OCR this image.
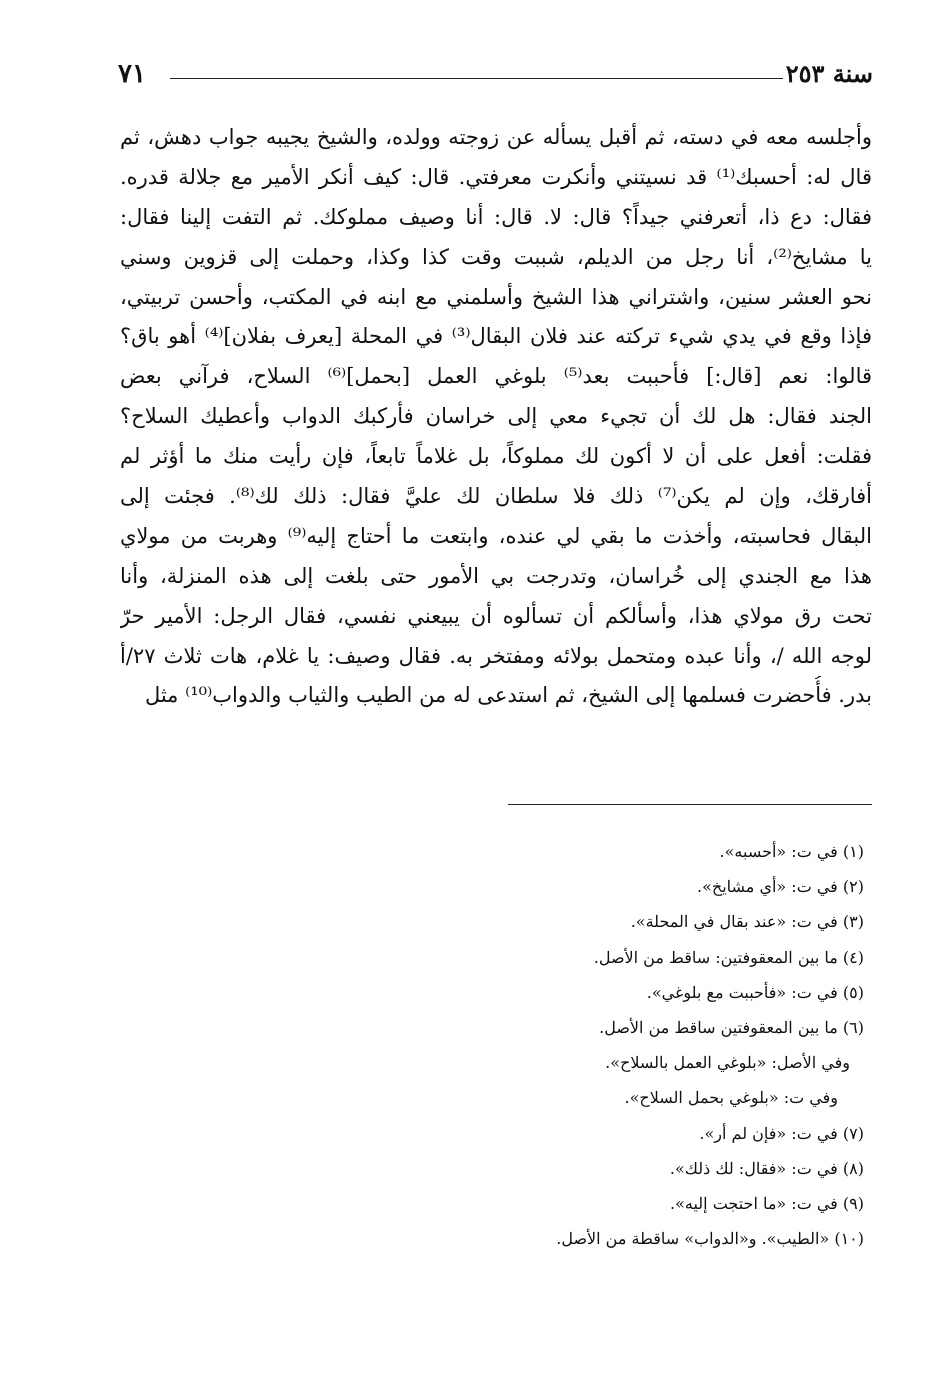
سنة ٢٥٣
٧١
وأجلسه معه في دسته، ثم أقبل يسأله عن زوجته وولده، والشيخ يجيبه جواب دهش، ثم
قال له: أحسبك⁽¹⁾ قد نسيتني وأنكرت معرفتي. قال: كيف أنكر الأمير مع جلالة قدره.
فقال: دع ذا، أتعرفني جيداً؟ قال: لا. قال: أنا وصيف مملوكك. ثم التفت إلينا فقال:
يا مشايخ⁽²⁾، أنا رجل من الديلم، شببت وقت كذا وكذا، وحملت إلى قزوين وسني
نحو العشر سنين، واشتراني هذا الشيخ وأسلمني مع ابنه في المكتب، وأحسن تربيتي،
فإذا وقع في يدي شيء تركته عند فلان البقال⁽³⁾ في المحلة [يعرف بفلان]⁽⁴⁾ أهو باق؟
قالوا: نعم [قال:] فأحببت بعد⁽⁵⁾ بلوغي العمل [بحمل]⁽⁶⁾ السلاح، فرآني بعض
الجند فقال: هل لك أن تجيء معي إلى خراسان فأركبك الدواب وأعطيك السلاح؟
فقلت: أفعل على أن لا أكون لك مملوكاً، بل غلاماً تابعاً، فإن رأيت منك ما أؤثر لم
أفارقك، وإن لم يكن⁽⁷⁾ ذلك فلا سلطان لك عليَّ فقال: ذلك لك⁽⁸⁾. فجئت إلى
البقال فحاسبته، وأخذت ما بقي لي عنده، وابتعت ما أحتاج إليه⁽⁹⁾ وهربت من مولاي
هذا مع الجندي إلى خُراسان، وتدرجت بي الأمور حتى بلغت إلى هذه المنزلة، وأنا
تحت رق مولاي هذا، وأسألكم أن تسألوه أن يبيعني نفسي، فقال الرجل: الأمير حرّ
لوجه الله /، وأنا عبده ومتحمل بولائه ومفتخر به. فقال وصيف: يا غلام، هات ثلاث ٢٧/أ
بدر. فأُحضرت فسلمها إلى الشيخ، ثم استدعى له من الطيب والثياب والدواب⁽¹⁰⁾ مثل
(١) في ت: «أحسبه».
(٢) في ت: «أي مشايخ».
(٣) في ت: «عند بقال في المحلة».
(٤) ما بين المعقوفتين: ساقط من الأصل.
(٥) في ت: «فأحببت مع بلوغي».
(٦) ما بين المعقوفتين ساقط من الأصل.
وفي الأصل: «بلوغي العمل بالسلاح».
وفي ت: «بلوغي بحمل السلاح».
(٧) في ت: «فإن لم أر».
(٨) في ت: «فقال: لك ذلك».
(٩) في ت: «ما احتجت إليه».
(١٠) «الطيب». و«الدواب» ساقطة من الأصل.
